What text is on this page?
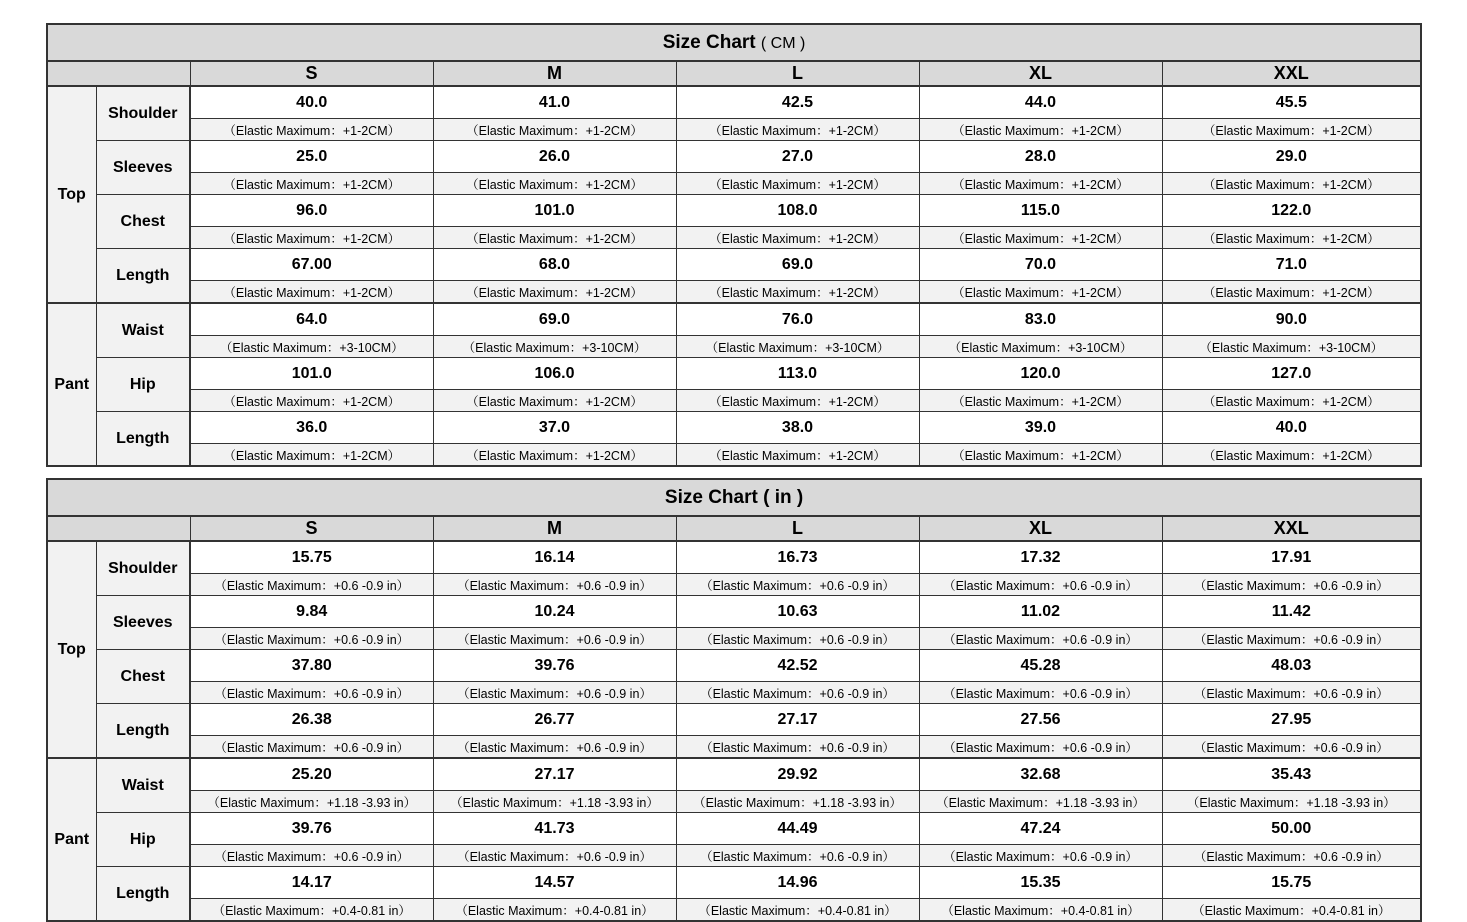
Size Chart ( CM )						
		S	M	L	XL	XXL
Top	Shoulder	40.0	41.0	42.5	44.0	45.5
		（Elastic Maximum：+1-2CM）	（Elastic Maximum：+1-2CM）	（Elastic Maximum：+1-2CM）	（Elastic Maximum：+1-2CM）	（Elastic Maximum：+1-2CM）
	Sleeves	25.0	26.0	27.0	28.0	29.0
		（Elastic Maximum：+1-2CM）	（Elastic Maximum：+1-2CM）	（Elastic Maximum：+1-2CM）	（Elastic Maximum：+1-2CM）	（Elastic Maximum：+1-2CM）
	Chest	96.0	101.0	108.0	115.0	122.0
		（Elastic Maximum：+1-2CM）	（Elastic Maximum：+1-2CM）	（Elastic Maximum：+1-2CM）	（Elastic Maximum：+1-2CM）	（Elastic Maximum：+1-2CM）
	Length	67.00	68.0	69.0	70.0	71.0
		（Elastic Maximum：+1-2CM）	（Elastic Maximum：+1-2CM）	（Elastic Maximum：+1-2CM）	（Elastic Maximum：+1-2CM）	（Elastic Maximum：+1-2CM）
Pant	Waist	64.0	69.0	76.0	83.0	90.0
		（Elastic Maximum：+3-10CM）	（Elastic Maximum：+3-10CM）	（Elastic Maximum：+3-10CM）	（Elastic Maximum：+3-10CM）	（Elastic Maximum：+3-10CM）
	Hip	101.0	106.0	113.0	120.0	127.0
		（Elastic Maximum：+1-2CM）	（Elastic Maximum：+1-2CM）	（Elastic Maximum：+1-2CM）	（Elastic Maximum：+1-2CM）	（Elastic Maximum：+1-2CM）
	Length	36.0	37.0	38.0	39.0	40.0
		（Elastic Maximum：+1-2CM）	（Elastic Maximum：+1-2CM）	（Elastic Maximum：+1-2CM）	（Elastic Maximum：+1-2CM）	（Elastic Maximum：+1-2CM）
Size Chart ( in )						
		S	M	L	XL	XXL
Top	Shoulder	15.75	16.14	16.73	17.32	17.91
		（Elastic Maximum：+0.6 -0.9 in）	（Elastic Maximum：+0.6 -0.9 in）	（Elastic Maximum：+0.6 -0.9 in）	（Elastic Maximum：+0.6 -0.9 in）	（Elastic Maximum：+0.6 -0.9 in）
	Sleeves	9.84	10.24	10.63	11.02	11.42
		（Elastic Maximum：+0.6 -0.9 in）	（Elastic Maximum：+0.6 -0.9 in）	（Elastic Maximum：+0.6 -0.9 in）	（Elastic Maximum：+0.6 -0.9 in）	（Elastic Maximum：+0.6 -0.9 in）
	Chest	37.80	39.76	42.52	45.28	48.03
		（Elastic Maximum：+0.6 -0.9 in）	（Elastic Maximum：+0.6 -0.9 in）	（Elastic Maximum：+0.6 -0.9 in）	（Elastic Maximum：+0.6 -0.9 in）	（Elastic Maximum：+0.6 -0.9 in）
	Length	26.38	26.77	27.17	27.56	27.95
		（Elastic Maximum：+0.6 -0.9 in）	（Elastic Maximum：+0.6 -0.9 in）	（Elastic Maximum：+0.6 -0.9 in）	（Elastic Maximum：+0.6 -0.9 in）	（Elastic Maximum：+0.6 -0.9 in）
Pant	Waist	25.20	27.17	29.92	32.68	35.43
		（Elastic Maximum：+1.18 -3.93 in）	（Elastic Maximum：+1.18 -3.93 in）	（Elastic Maximum：+1.18 -3.93 in）	（Elastic Maximum：+1.18 -3.93 in）	（Elastic Maximum：+1.18 -3.93 in）
	Hip	39.76	41.73	44.49	47.24	50.00
		（Elastic Maximum：+0.6 -0.9 in）	（Elastic Maximum：+0.6 -0.9 in）	（Elastic Maximum：+0.6 -0.9 in）	（Elastic Maximum：+0.6 -0.9 in）	（Elastic Maximum：+0.6 -0.9 in）
	Length	14.17	14.57	14.96	15.35	15.75
		（Elastic Maximum：+0.4-0.81 in）	（Elastic Maximum：+0.4-0.81 in）	（Elastic Maximum：+0.4-0.81 in）	（Elastic Maximum：+0.4-0.81 in）	（Elastic Maximum：+0.4-0.81 in）
